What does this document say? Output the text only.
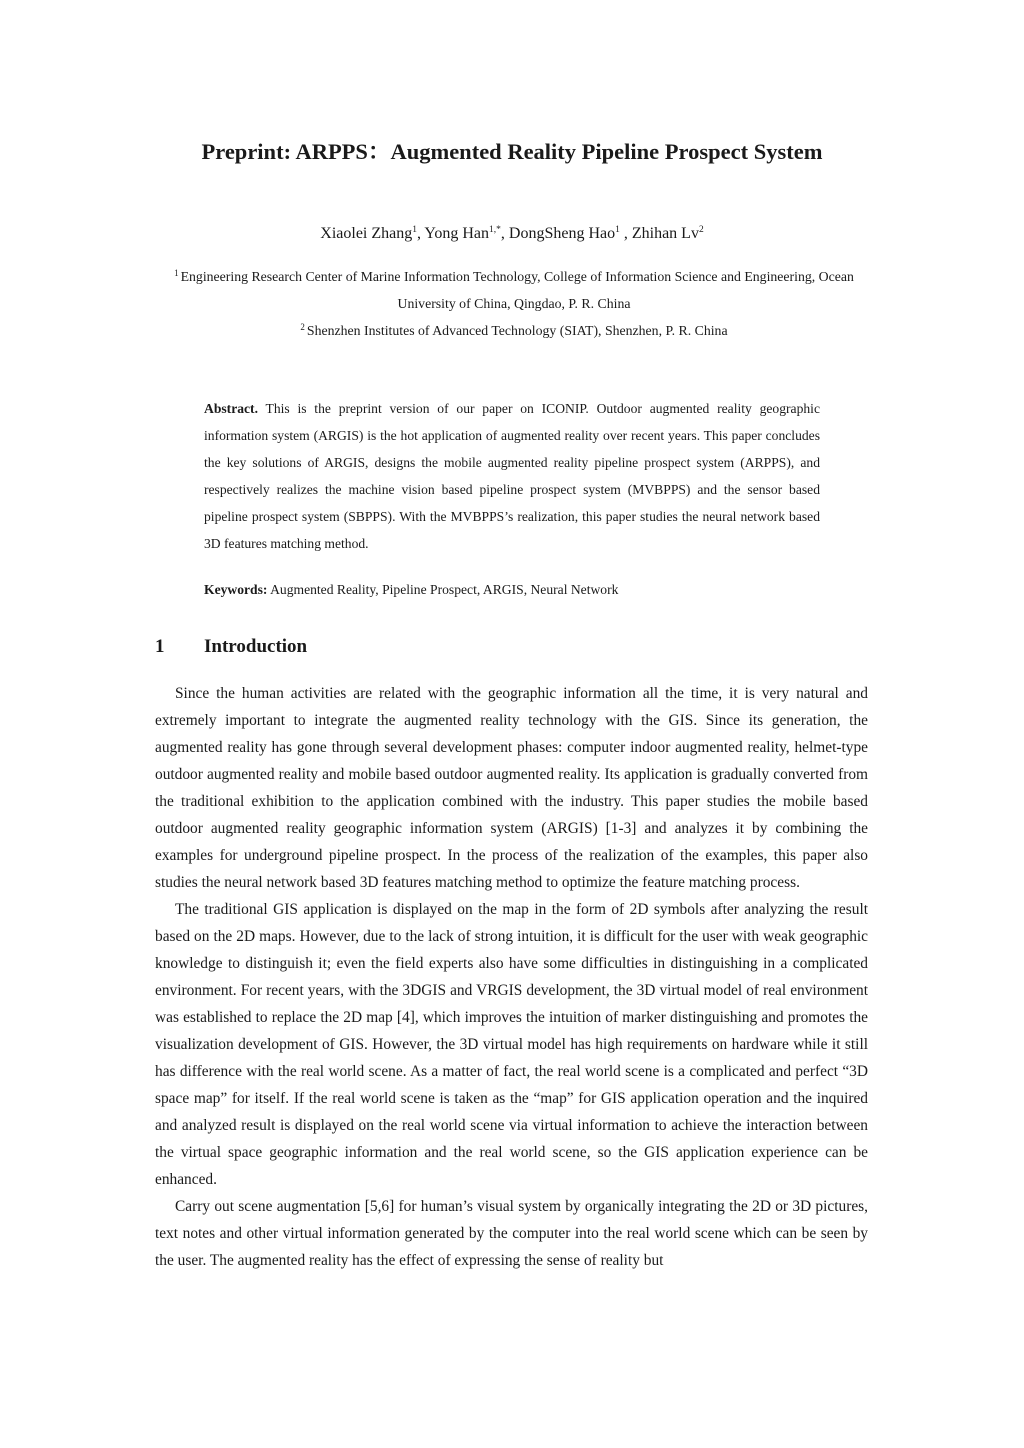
Preprint: ARPPS：Augmented Reality Pipeline Prospect System
Xiaolei Zhang$^1$, Yong Han$^{1,*}$, DongSheng Hao$^1$ , Zhihan Lv$^2$
$^1$ Engineering Research Center of Marine Information Technology, College of Information Science and Engineering, Ocean University of China, Qingdao, P. R. China
$^2$ Shenzhen Institutes of Advanced Technology (SIAT), Shenzhen, P. R. China
Abstract. This is the preprint version of our paper on ICONIP. Outdoor augmented reality geographic information system (ARGIS) is the hot application of augmented reality over recent years. This paper concludes the key solutions of ARGIS, designs the mobile augmented reality pipeline prospect system (ARPPS), and respectively realizes the machine vision based pipeline prospect system (MVBPPS) and the sensor based pipeline prospect system (SBPPS). With the MVBPPS’s realization, this paper studies the neural network based 3D features matching method.
Keywords: Augmented Reality, Pipeline Prospect, ARGIS, Neural Network
1 Introduction

Since the human activities are related with the geographic information all the time, it is very natural and extremely important to integrate the augmented reality technology with the GIS. Since its generation, the augmented reality has gone through several development phases: computer indoor augmented reality, helmet-type outdoor augmented reality and mobile based outdoor augmented reality. Its application is gradually converted from the traditional exhibition to the application combined with the industry. This paper studies the mobile based outdoor augmented reality geographic information system (ARGIS) [1-3] and analyzes it by combining the examples for underground pipeline prospect. In the process of the realization of the examples, this paper also studies the neural network based 3D features matching method to optimize the feature matching process.

The traditional GIS application is displayed on the map in the form of 2D symbols after analyzing the result based on the 2D maps. However, due to the lack of strong intuition, it is difficult for the user with weak geographic knowledge to distinguish it; even the field experts also have some difficulties in distinguishing in a complicated environment. For recent years, with the 3DGIS and VRGIS development, the 3D virtual model of real environment was established to replace the 2D map [4], which improves the intuition of marker distinguishing and promotes the visualization development of GIS. However, the 3D virtual model has high requirements on hardware while it still has difference with the real world scene. As a matter of fact, the real world scene is a complicated and perfect “3D space map” for itself. If the real world scene is taken as the “map” for GIS application operation and the inquired and analyzed result is displayed on the real world scene via virtual information to achieve the interaction between the virtual space geographic information and the real world scene, so the GIS application experience can be enhanced.

Carry out scene augmentation [5,6] for human’s visual system by organically integrating the 2D or 3D pictures, text notes and other virtual information generated by the computer into the real world scene which can be seen by the user. The augmented reality has the effect of expressing the sense of reality but
